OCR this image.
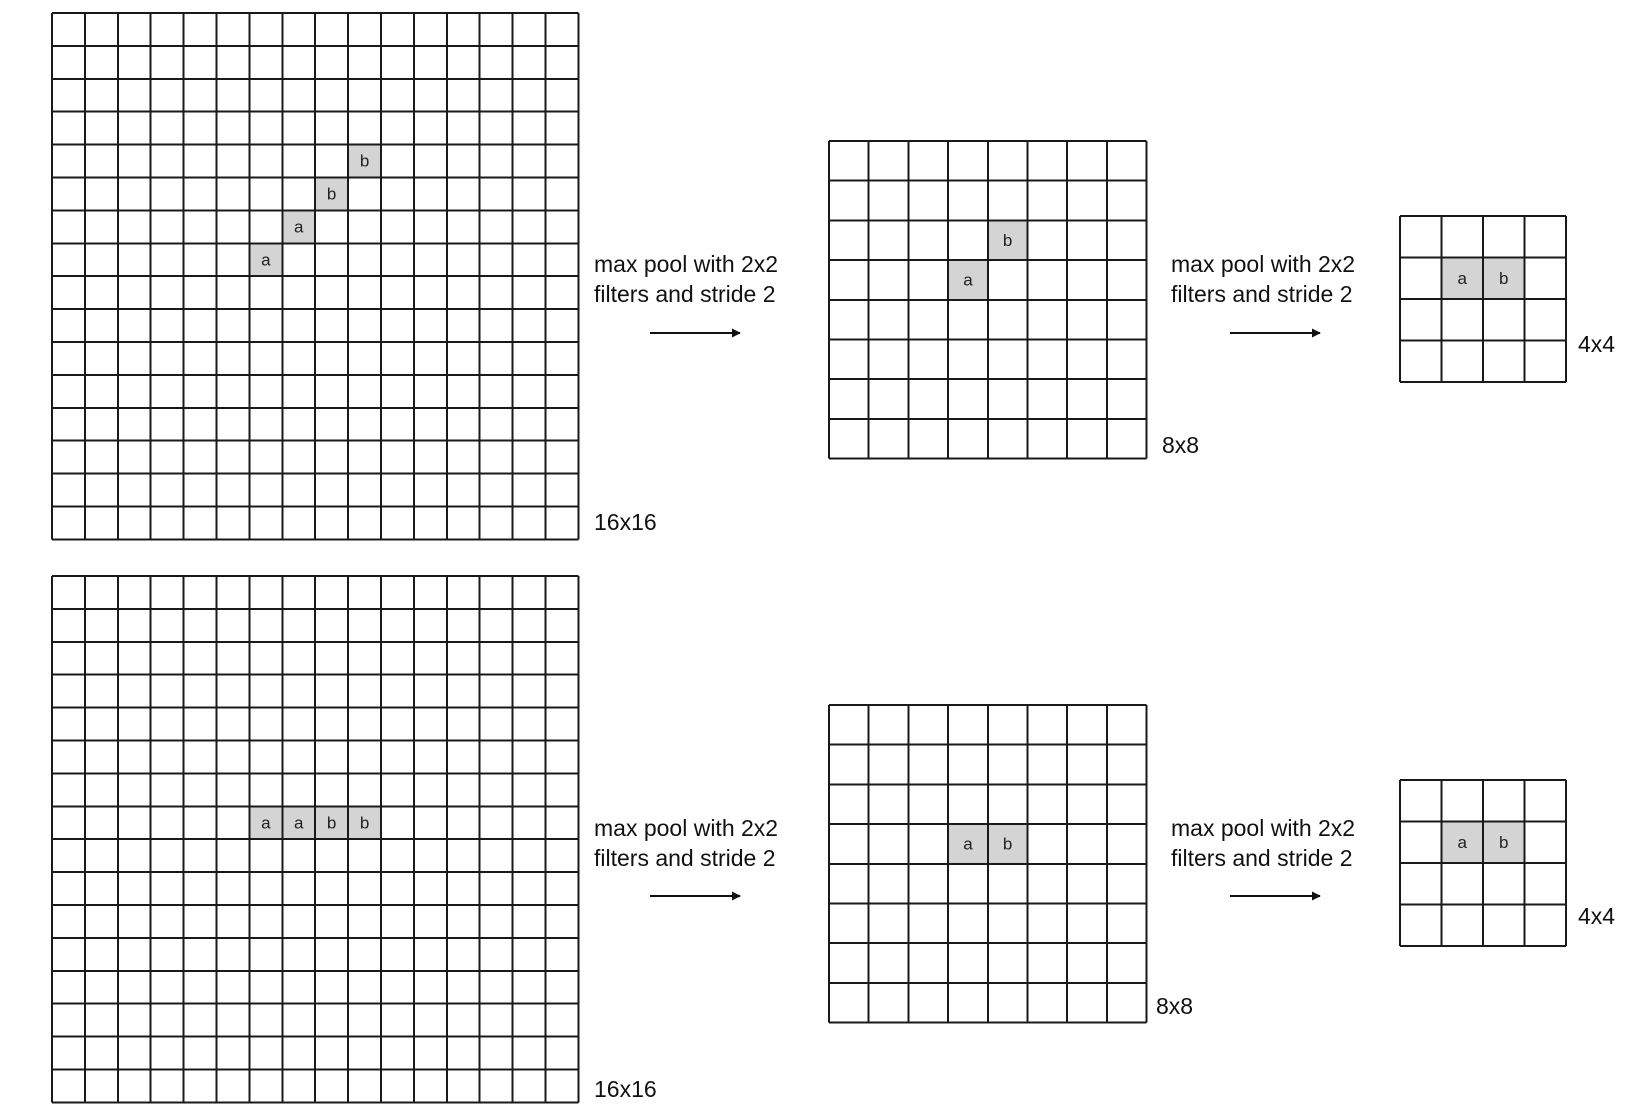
b
b
a
a
16x16
b
a
8x8
a b
4x4
max pool with 2x2
filters and stride 2
max pool with 2x2
filters and stride 2
a a b b
16x16
a b
8x8
a b
4x4
max pool with 2x2
filters and stride 2
max pool with 2x2
filters and stride 2
